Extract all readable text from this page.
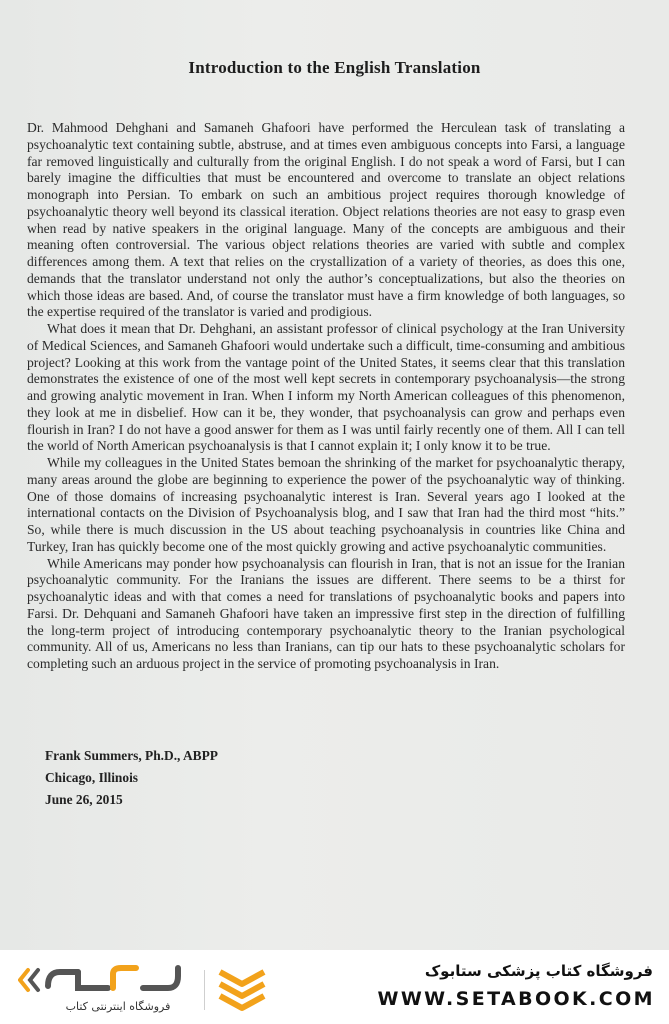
Introduction to the English Translation

Dr. Mahmood Dehghani and Samaneh Ghafoori have performed the Herculean task of translating a psychoanalytic text containing subtle, abstruse, and at times even ambiguous concepts into Farsi, a language far removed linguistically and culturally from the original English. I do not speak a word of Farsi, but I can barely imagine the difficulties that must be encountered and overcome to translate an object relations monograph into Persian. To embark on such an ambitious project requires thorough knowledge of psychoanalytic theory well beyond its classical iteration. Object relations theories are not easy to grasp even when read by native speakers in the original language. Many of the concepts are ambiguous and their meaning often controversial. The various object relations theories are varied with subtle and complex differences among them. A text that relies on the crystallization of a variety of theories, as does this one, demands that the translator understand not only the author’s conceptualizations, but also the theories on which those ideas are based. And, of course the translator must have a firm knowledge of both languages, so the expertise required of the translator is varied and prodigious.

What does it mean that Dr. Dehghani, an assistant professor of clinical psychology at the Iran University of Medical Sciences, and Samaneh Ghafoori would undertake such a difficult, time-consuming and ambitious project? Looking at this work from the vantage point of the United States, it seems clear that this translation demonstrates the existence of one of the most well kept secrets in contemporary psychoanalysis—the strong and growing analytic movement in Iran. When I inform my North American colleagues of this phenomenon, they look at me in disbelief. How can it be, they wonder, that psychoanalysis can grow and perhaps even flourish in Iran? I do not have a good answer for them as I was until fairly recently one of them. All I can tell the world of North American psychoanalysis is that I cannot explain it; I only know it to be true.

While my colleagues in the United States bemoan the shrinking of the market for psychoanalytic therapy, many areas around the globe are beginning to experience the power of the psychoanalytic way of thinking. One of those domains of increasing psychoanalytic interest is Iran. Several years ago I looked at the international contacts on the Division of Psychoanalysis blog, and I saw that Iran had the third most “hits.” So, while there is much discussion in the US about teaching psychoanalysis in countries like China and Turkey, Iran has quickly become one of the most quickly growing and active psychoanalytic communities.

While Americans may ponder how psychoanalysis can flourish in Iran, that is not an issue for the Iranian psychoanalytic community. For the Iranians the issues are different. There seems to be a thirst for psychoanalytic ideas and with that comes a need for translations of psychoanalytic books and papers into Farsi. Dr. Dehquani and Samaneh Ghafoori have taken an impressive first step in the direction of fulfilling the long-term project of introducing contemporary psychoanalytic theory to the Iranian psychological community. All of us, Americans no less than Iranians, can tip our hats to these psychoanalytic scholars for completing such an arduous project in the service of promoting psychoanalysis in Iran.

Frank Summers, Ph.D., ABPP
Chicago, Illinois
June 26, 2015
فروشگاه اینترنتی کتاب
فروشگاه کتاب پزشکی ستابوک
WWW.SETABOOK.COM
